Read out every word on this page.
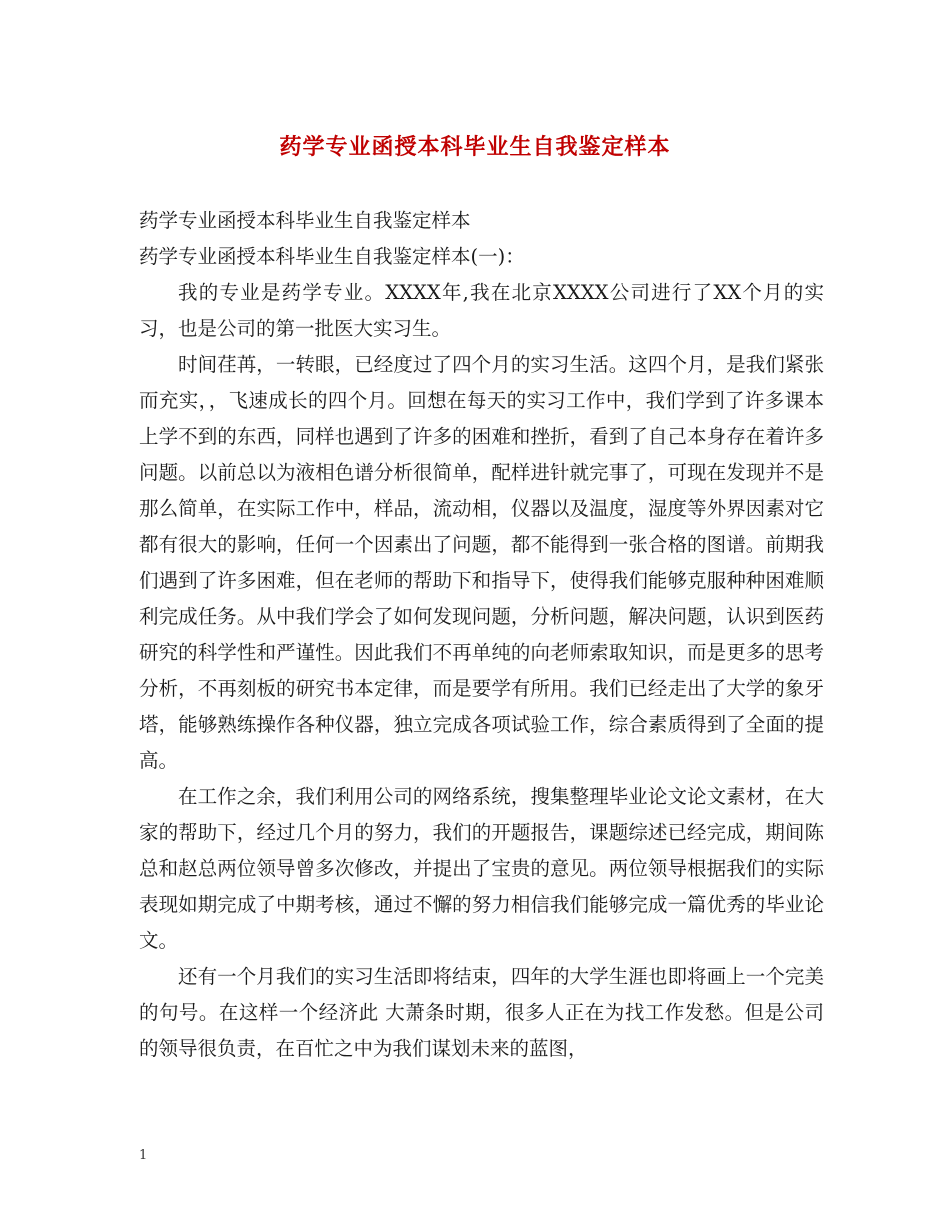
药学专业函授本科毕业生自我鉴定样本

药学专业函授本科毕业生自我鉴定样本

药学专业函授本科毕业生自我鉴定样本(一)：

我的专业是药学专业。XXXX年,我在北京XXXX公司进行了XX个月的实习，也是公司的第一批医大实习生。

时间荏苒，一转眼，已经度过了四个月的实习生活。这四个月，是我们紧张而充实，，飞速成长的四个月。回想在每天的实习工作中，我们学到了许多课本上学不到的东西，同样也遇到了许多的困难和挫折，看到了自己本身存在着许多问题。以前总以为液相色谱分析很简单，配样进针就完事了，可现在发现并不是那么简单，在实际工作中，样品，流动相，仪器以及温度，湿度等外界因素对它都有很大的影响，任何一个因素出了问题，都不能得到一张合格的图谱。前期我们遇到了许多困难，但在老师的帮助下和指导下，使得我们能够克服种种困难顺利完成任务。从中我们学会了如何发现问题，分析问题，解决问题，认识到医药研究的科学性和严谨性。因此我们不再单纯的向老师索取知识，而是更多的思考分析，不再刻板的研究书本定律，而是要学有所用。我们已经走出了大学的象牙塔，能够熟练操作各种仪器，独立完成各项试验工作，综合素质得到了全面的提高。

在工作之余，我们利用公司的网络系统，搜集整理毕业论文论文素材，在大家的帮助下，经过几个月的努力，我们的开题报告，课题综述已经完成，期间陈总和赵总两位领导曾多次修改，并提出了宝贵的意见。两位领导根据我们的实际表现如期完成了中期考核，通过不懈的努力相信我们能够完成一篇优秀的毕业论文。

还有一个月我们的实习生活即将结束，四年的大学生涯也即将画上一个完美的句号。在这样一个经济此 大萧条时期，很多人正在为找工作发愁。但是公司的领导很负责，在百忙之中为我们谋划未来的蓝图，

1
